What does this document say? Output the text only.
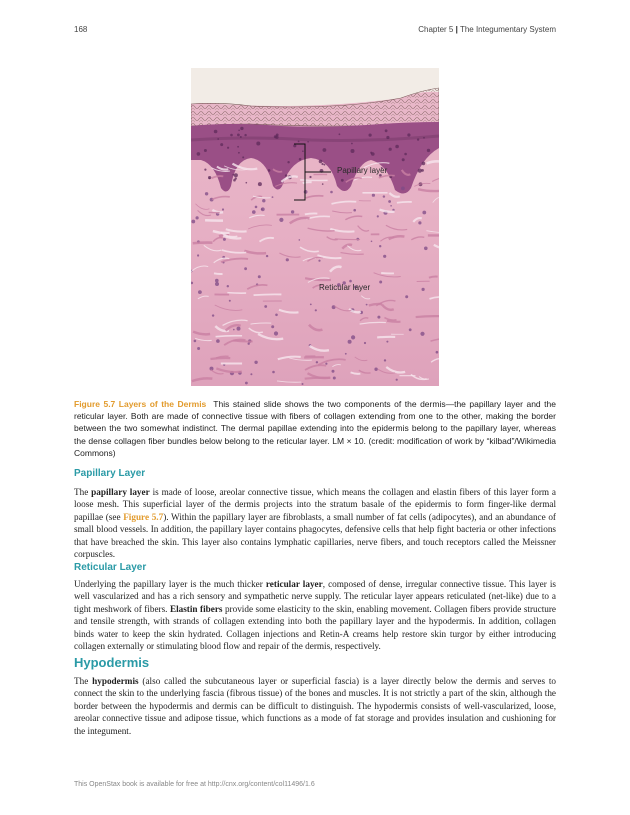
168	Chapter 5 | The Integumentary System
Papillary layer
Reticular layer
Figure 5.7 Layers of the Dermis This stained slide shows the two components of the dermis—the papillary layer and the reticular layer. Both are made of connective tissue with fibers of collagen extending from one to the other, making the border between the two somewhat indistinct. The dermal papillae extending into the epidermis belong to the papillary layer, whereas the dense collagen fiber bundles below belong to the reticular layer. LM × 10. (credit: modification of work by “kilbad”/Wikimedia Commons)
Papillary Layer

The papillary layer is made of loose, areolar connective tissue, which means the collagen and elastin fibers of this layer form a loose mesh. This superficial layer of the dermis projects into the stratum basale of the epidermis to form finger-like dermal papillae (see Figure 5.7). Within the papillary layer are fibroblasts, a small number of fat cells (adipocytes), and an abundance of small blood vessels. In addition, the papillary layer contains phagocytes, defensive cells that help fight bacteria or other infections that have breached the skin. This layer also contains lymphatic capillaries, nerve fibers, and touch receptors called the Meissner corpuscles.

Reticular Layer

Underlying the papillary layer is the much thicker reticular layer, composed of dense, irregular connective tissue. This layer is well vascularized and has a rich sensory and sympathetic nerve supply. The reticular layer appears reticulated (net-like) due to a tight meshwork of fibers. Elastin fibers provide some elasticity to the skin, enabling movement. Collagen fibers provide structure and tensile strength, with strands of collagen extending into both the papillary layer and the hypodermis. In addition, collagen binds water to keep the skin hydrated. Collagen injections and Retin-A creams help restore skin turgor by either introducing collagen externally or stimulating blood flow and repair of the dermis, respectively.

Hypodermis

The hypodermis (also called the subcutaneous layer or superficial fascia) is a layer directly below the dermis and serves to connect the skin to the underlying fascia (fibrous tissue) of the bones and muscles. It is not strictly a part of the skin, although the border between the hypodermis and dermis can be difficult to distinguish. The hypodermis consists of well-vascularized, loose, areolar connective tissue and adipose tissue, which functions as a mode of fat storage and provides insulation and cushioning for the integument.

This OpenStax book is available for free at http://cnx.org/content/col11496/1.6
